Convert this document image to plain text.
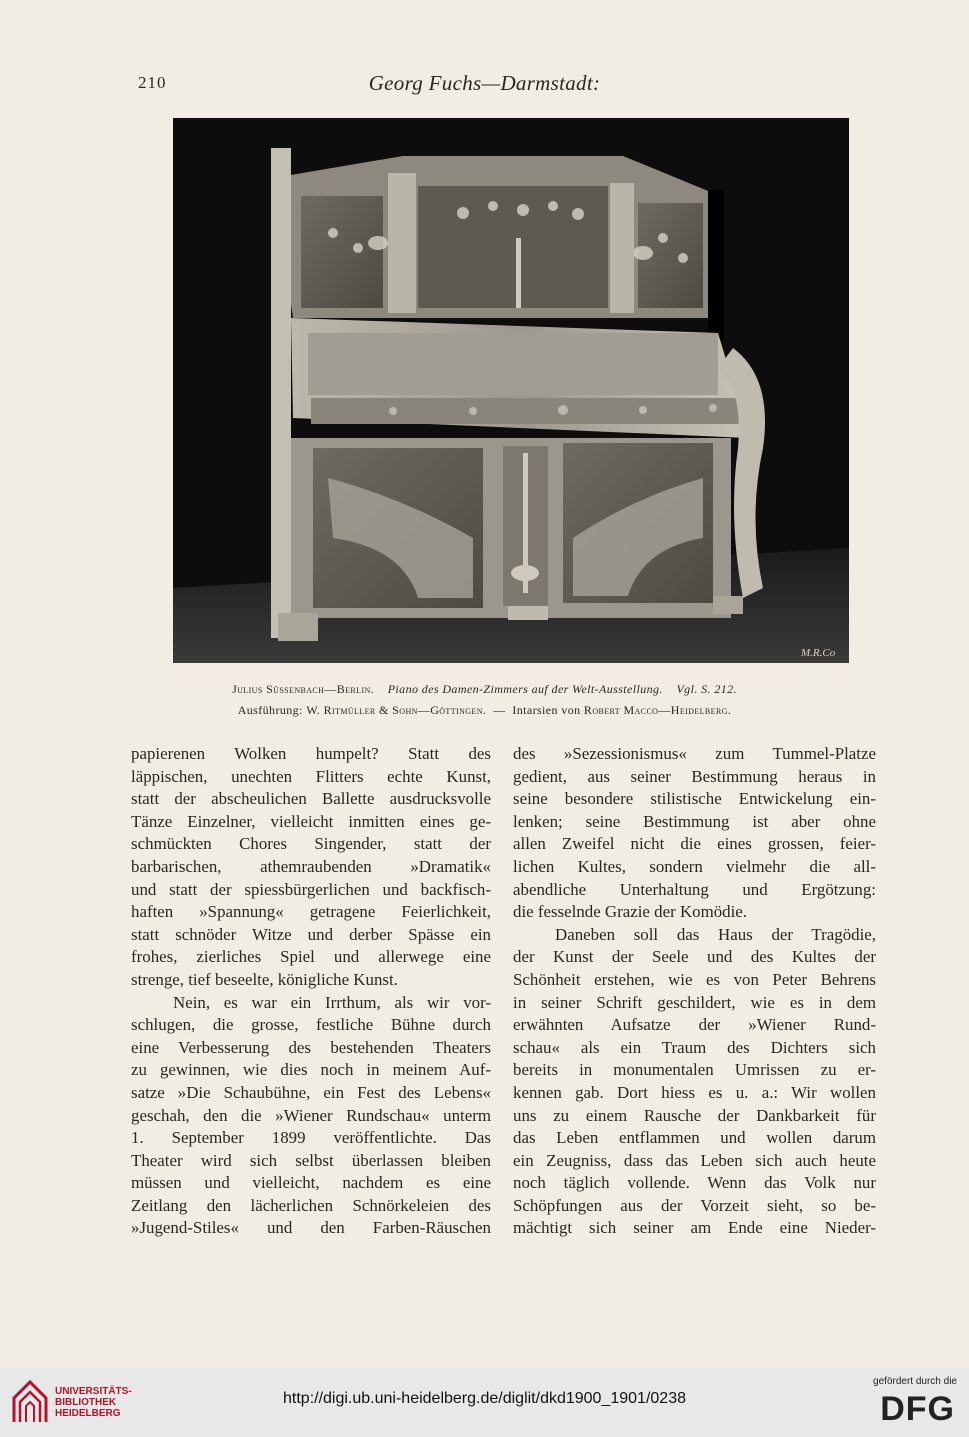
210	Georg Fuchs—Darmstadt:
M.R.Co
Julius Süssenbach—Berlin. Piano des Damen-Zimmers auf der Welt-Ausstellung. Vgl. S. 212.
Ausführung: W. Ritmüller & Sohn—Göttingen. — Intarsien von Robert Macco—Heidelberg.
papierenen Wolken humpelt? Statt des
läppischen, unechten Flitters echte Kunst,
statt der abscheulichen Ballette ausdrucksvolle
Tänze Einzelner, vielleicht inmitten eines ge-
schmückten Chores Singender, statt der
barbarischen, athemraubenden »Dramatik«
und statt der spiessbürgerlichen und backfisch-
haften »Spannung« getragene Feierlichkeit,
statt schnöder Witze und derber Spässe ein
frohes, zierliches Spiel und allerwege eine
strenge, tief beseelte, königliche Kunst.
Nein, es war ein Irrthum, als wir vor-
schlugen, die grosse, festliche Bühne durch
eine Verbesserung des bestehenden Theaters
zu gewinnen, wie dies noch in meinem Auf-
satze »Die Schaubühne, ein Fest des Lebens«
geschah, den die »Wiener Rundschau« unterm
1. September 1899 veröffentlichte. Das
Theater wird sich selbst überlassen bleiben
müssen und vielleicht, nachdem es eine
Zeitlang den lächerlichen Schnörkeleien des
»Jugend-Stiles« und den Farben-Räuschen
des »Sezessionismus« zum Tummel-Platze
gedient, aus seiner Bestimmung heraus in
seine besondere stilistische Entwickelung ein-
lenken; seine Bestimmung ist aber ohne
allen Zweifel nicht die eines grossen, feier-
lichen Kultes, sondern vielmehr die all-
abendliche Unterhaltung und Ergötzung:
die fesselnde Grazie der Komödie.
Daneben soll das Haus der Tragödie,
der Kunst der Seele und des Kultes der
Schönheit erstehen, wie es von Peter Behrens
in seiner Schrift geschildert, wie es in dem
erwähnten Aufsatze der »Wiener Rund-
schau« als ein Traum des Dichters sich
bereits in monumentalen Umrissen zu er-
kennen gab. Dort hiess es u. a.: Wir wollen
uns zu einem Rausche der Dankbarkeit für
das Leben entflammen und wollen darum
ein Zeugniss, dass das Leben sich auch heute
noch täglich vollende. Wenn das Volk nur
Schöpfungen aus der Vorzeit sieht, so be-
mächtigt sich seiner am Ende eine Nieder-
UNIVERSITÄTS-
BIBLIOTHEK
HEIDELBERG
http://digi.ub.uni-heidelberg.de/diglit/dkd1900_1901/0238
gefördert durch die
DFG
